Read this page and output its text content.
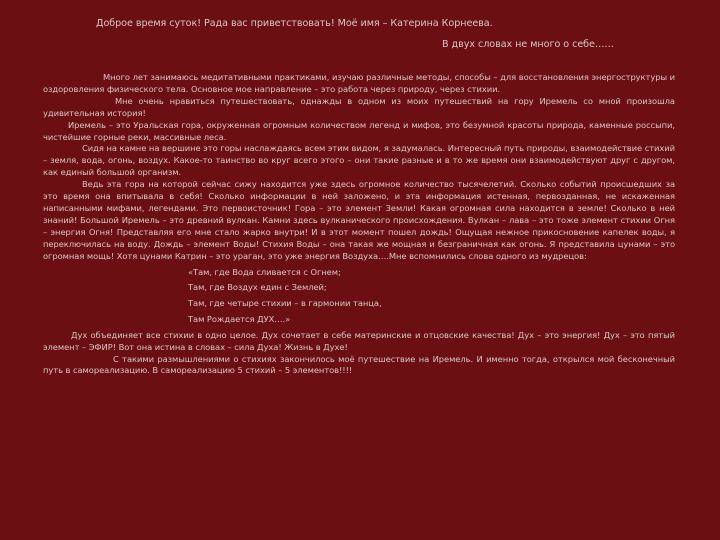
Доброе время суток! Рада вас приветствовать! Моё имя – Катерина Корнеева.
В двух словах не много о себе……

Много лет занимаюсь медитативными практиками, изучаю различные методы, способы – для восстановления энергоструктуры и оздоровления физического тела. Основное мое направление – это работа через природу, через стихии.

Мне очень нравиться путешествовать, однажды в одном из моих путешествий на гору Иремель со мной произошла удивительная история!

Иремель – это Уральская гора, окруженная огромным количеством легенд и мифов, это безумной красоты природа, каменные россыпи, чистейшие горные реки, массивные леса.

Сидя на камне на вершине это горы наслаждаясь всем этим видом, я задумалась. Интересный путь природы, взаимодействие стихий – земля, вода, огонь, воздух. Какое-то таинство во круг всего этого – они такие разные и в то же время они взаимодействуют друг с другом, как единый большой организм.

Ведь эта гора на которой сейчас сижу находится уже здесь огромное количество тысячелетий. Сколько событий происшедших за это время она впитывала в себя! Сколько информации в ней заложено, и эта информация истенная, первозданная, не искаженная написанными мифами, легендами. Это первоисточник! Гора – это элемент Земли! Какая огромная сила находится в земле! Сколько в ней знаний! Большой Иремель – это древний вулкан. Камни здесь вулканического происхождения. Вулкан – лава – это тоже элемент стихии Огня – энергия Огня! Представляя его мне стало жарко внутри! И в этот момент пошел дождь! Ощущая нежное прикосновение капелек воды, я переключилась на воду. Дождь – элемент Воды! Стихия Воды – она такая же мощная и безграничная как огонь. Я представила цунами – это огромная мощь! Хотя цунами Катрин – это ураган, это уже энергия Воздуха….Мне вспомнились слова одного из мудрецов:

«Там, где Вода сливается с Огнем;

Там, где Воздух един с Землей;

Там, где четыре стихии – в гармонии танца,

Там Рождается ДУХ….»

Дух объединяет все стихии в одно целое. Дух сочетает в себе материнские и отцовские качества! Дух – это энергия! Дух – это пятый элемент – ЭФИР! Вот она истина в словах – сила Духа! Жизнь в Духе!

С такими размышлениями о стихиях закончилось моё путешествие на Иремель. И именно тогда, открылся мой бесконечный путь в самореализацию. В самореализацию 5 стихий – 5 элементов!!!!
